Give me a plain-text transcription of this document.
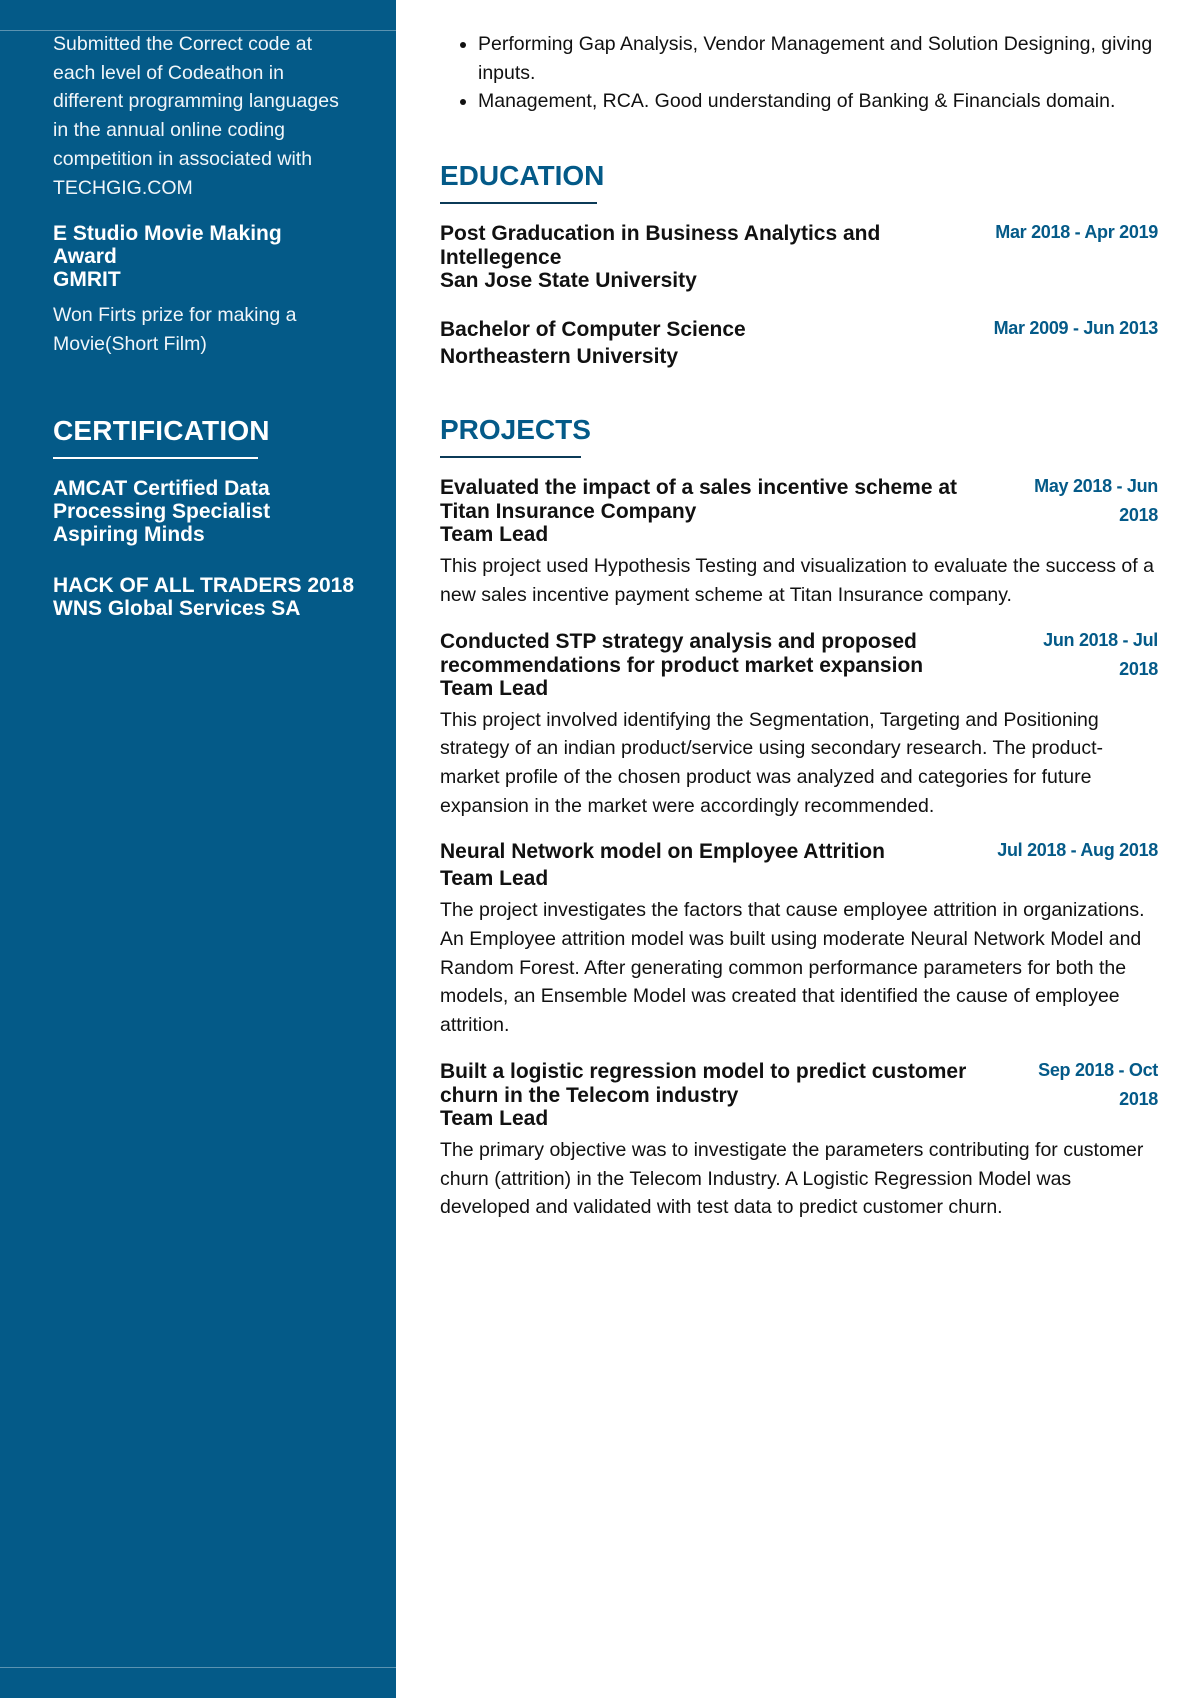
Submitted the Correct code at each level of Codeathon in different programming languages in the annual online coding competition in associated with TECHGIG.COM

E Studio Movie Making Award

GMRIT

Won Firts prize for making a Movie(Short Film)

CERTIFICATION

AMCAT Certified Data Processing Specialist

Aspiring Minds

HACK OF ALL TRADERS 2018

WNS Global Services SA

• Performing Gap Analysis, Vendor Management and Solution Designing, giving inputs.
• Management, RCA. Good understanding of Banking & Financials domain.
EDUCATION

Post Graducation in Business Analytics and Intellegence

San Jose State University

Mar 2018 - Apr 2019

Bachelor of Computer Science

Northeastern University

Mar 2009 - Jun 2013
PROJECTS

Evaluated the impact of a sales incentive scheme at Titan Insurance Company

Team Lead

May 2018 - Jun 2018

This project used Hypothesis Testing and visualization to evaluate the success of a new sales incentive payment scheme at Titan Insurance company.

Conducted STP strategy analysis and proposed recommendations for product market expansion

Team Lead

Jun 2018 - Jul 2018

This project involved identifying the Segmentation, Targeting and Positioning strategy of an indian product/service using secondary research. The product-market profile of the chosen product was analyzed and categories for future expansion in the market were accordingly recommended.

Neural Network model on Employee Attrition

Team Lead

Jul 2018 - Aug 2018

The project investigates the factors that cause employee attrition in organizations. An Employee attrition model was built using moderate Neural Network Model and Random Forest. After generating common performance parameters for both the models, an Ensemble Model was created that identified the cause of employee attrition.

Built a logistic regression model to predict customer churn in the Telecom industry

Team Lead

Sep 2018 - Oct 2018

The primary objective was to investigate the parameters contributing for customer churn (attrition) in the Telecom Industry. A Logistic Regression Model was developed and validated with test data to predict customer churn.
